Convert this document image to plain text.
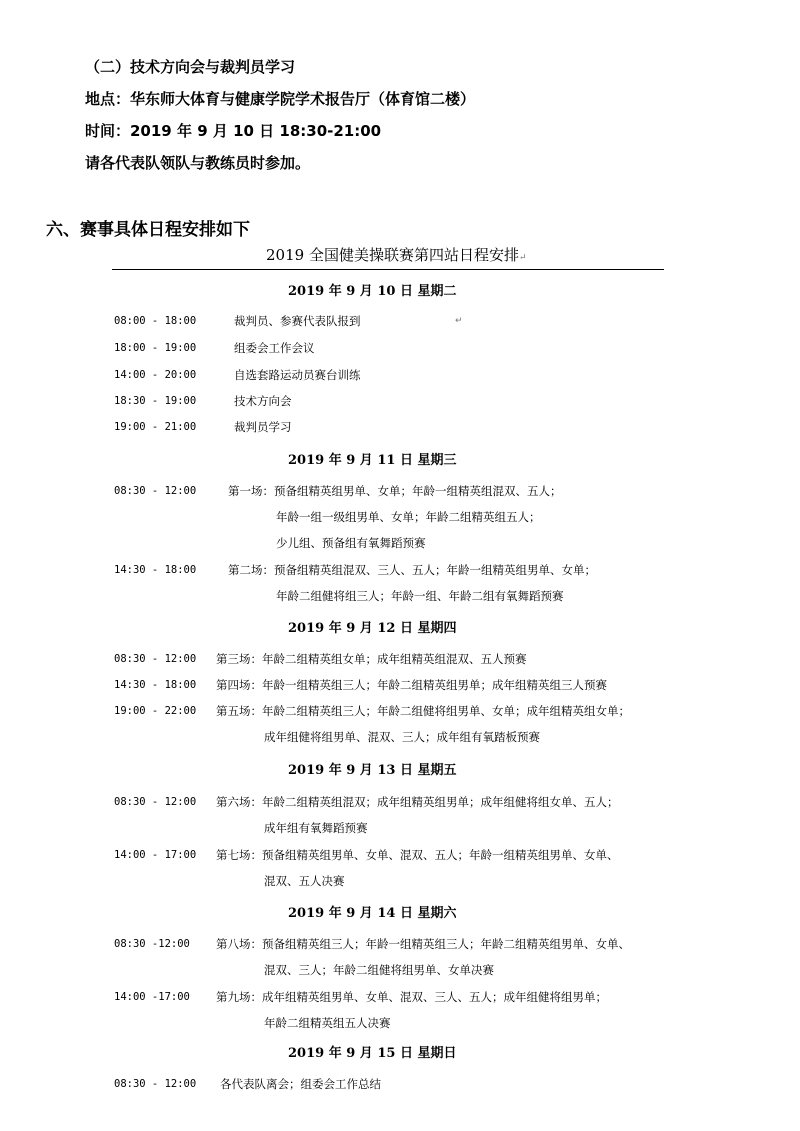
（二）技术方向会与裁判员学习
地点：华东师大体育与健康学院学术报告厅（体育馆二楼）
时间：2019 年 9 月 10 日 18:30-21:00
请各代表队领队与教练员时参加。
六、赛事具体日程安排如下
2019 全国健美操联赛第四站日程安排↵
2019 年 9 月 10 日 星期二
08:00 - 18:00	裁判员、参赛代表队报到	↵
18:00 - 19:00	组委会工作会议
14:00 - 20:00	自选套路运动员赛台训练
18:30 - 19:00	技术方向会
19:00 - 21:00	裁判员学习
2019 年 9 月 11 日 星期三
08:30 - 12:00	第一场：预备组精英组男单、女单；年龄一组精英组混双、五人；
年龄一组一级组男单、女单；年龄二组精英组五人；
少儿组、预备组有氧舞蹈预赛
14:30 - 18:00	第二场：预备组精英组混双、三人、五人；年龄一组精英组男单、女单；
年龄二组健将组三人；年龄一组、年龄二组有氧舞蹈预赛
2019 年 9 月 12 日 星期四
08:30 - 12:00 第三场：年龄二组精英组女单；成年组精英组混双、五人预赛
14:30 - 18:00 第四场：年龄一组精英组三人；年龄二组精英组男单；成年组精英组三人预赛
19:00 - 22:00 第五场：年龄二组精英组三人；年龄二组健将组男单、女单；成年组精英组女单；
成年组健将组男单、混双、三人；成年组有氧踏板预赛
2019 年 9 月 13 日 星期五
08:30 - 12:00 第六场：年龄二组精英组混双；成年组精英组男单；成年组健将组女单、五人；
成年组有氧舞蹈预赛
14:00 - 17:00 第七场：预备组精英组男单、女单、混双、五人；年龄一组精英组男单、女单、
混双、五人决赛
2019 年 9 月 14 日 星期六
08:30 -12:00 第八场：预备组精英组三人；年龄一组精英组三人；年龄二组精英组男单、女单、
混双、三人；年龄二组健将组男单、女单决赛
14:00 -17:00 第九场：成年组精英组男单、女单、混双、三人、五人；成年组健将组男单；
年龄二组精英组五人决赛
2019 年 9 月 15 日 星期日
08:30 - 12:00 各代表队离会；组委会工作总结
